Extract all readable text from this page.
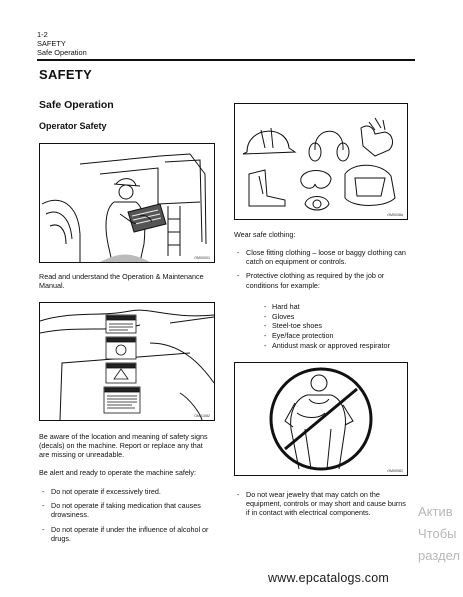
1-2
SAFETY
Safe Operation
SAFETY
Safe Operation
Operator Safety
OM00001
Read and understand the Operation & Maintenance Manual.
OM01082
Be aware of the location and meaning of safety signs (decals) on the machine. Report or replace any that are missing or unreadable.
Be alert and ready to operate the machine safely:
- Do not operate if excessively tired.
- Do not operate if taking medication that causes drowsiness.
- Do not operate if under the influence of alcohol or drugs.
OM0038a
Wear safe clothing:
- Close fitting clothing – loose or baggy clothing can catch on equipment or controls.
- Protective clothing as required by the job or conditions for example:
- Hard hat
- Gloves
- Steel-toe shoes
- Eye/face protection
- Antidust mask or approved respirator
OM00082
- Do not wear jewelry that may catch on the equipment, controls or may short and cause burns if in contact with electrical components.	Актив
Чтобы
раздел
www.epcatalogs.com
